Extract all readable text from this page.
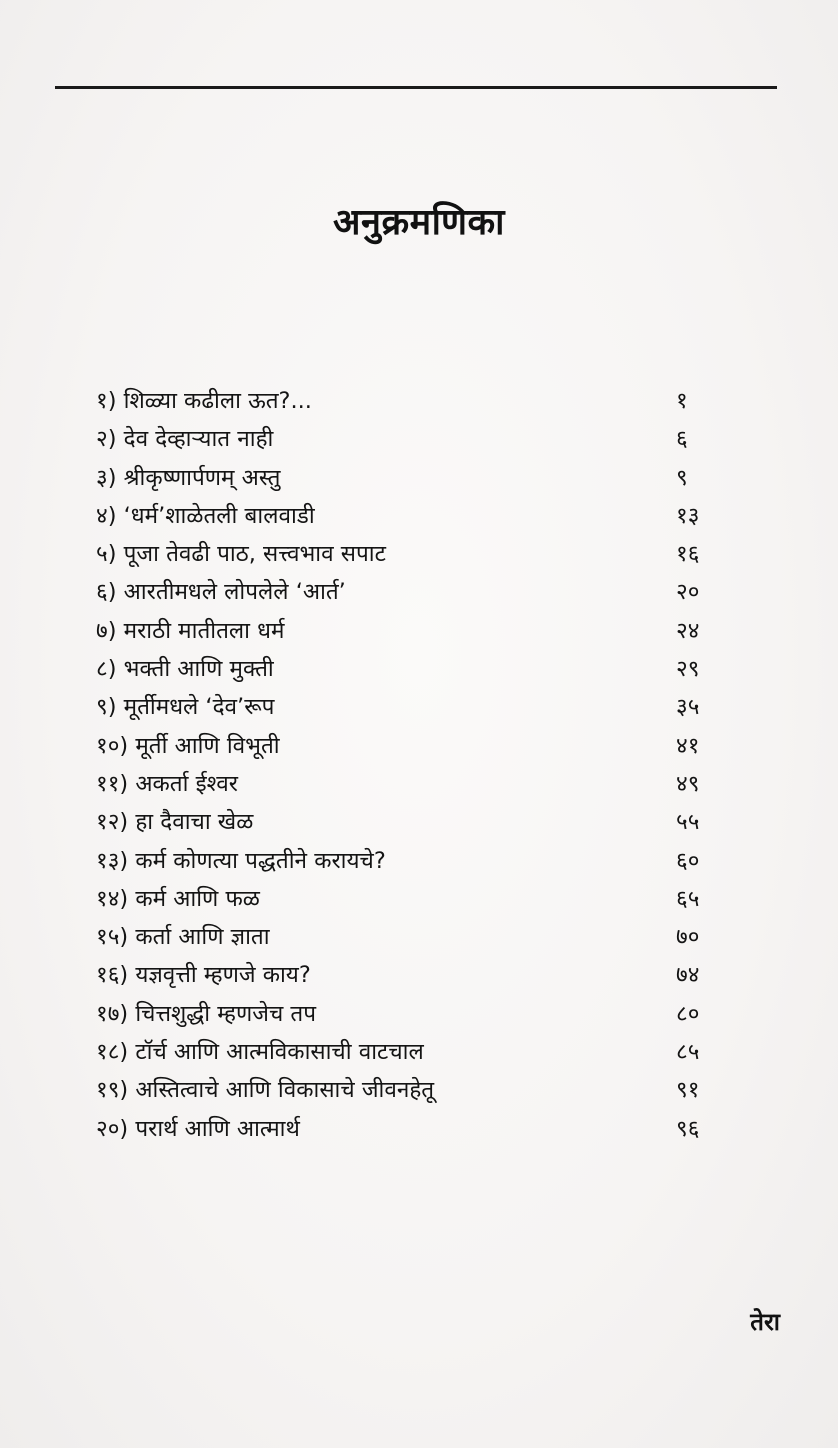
अनुक्रमणिका
१) शिळ्या कढीला ऊत?...	१
२) देव देव्हाऱ्यात नाही	६
३) श्रीकृष्णार्पणम् अस्तु	९
४) ‘धर्म’शाळेतली बालवाडी	१३
५) पूजा तेवढी पाठ, सत्त्वभाव सपाट	१६
६) आरतीमधले लोपलेले ‘आर्त’	२०
७) मराठी मातीतला धर्म	२४
८) भक्ती आणि मुक्ती	२९
९) मूर्तीमधले ‘देव’रूप	३५
१०) मूर्ती आणि विभूती	४१
११) अकर्ता ईश्वर	४९
१२) हा दैवाचा खेळ	५५
१३) कर्म कोणत्या पद्धतीने करायचे?	६०
१४) कर्म आणि फळ	६५
१५) कर्ता आणि ज्ञाता	७०
१६) यज्ञवृत्ती म्हणजे काय?	७४
१७) चित्तशुद्धी म्हणजेच तप	८०
१८) टॉर्च आणि आत्मविकासाची वाटचाल	८५
१९) अस्तित्वाचे आणि विकासाचे जीवनहेतू	९१
२०) परार्थ आणि आत्मार्थ	९६
तेरा
